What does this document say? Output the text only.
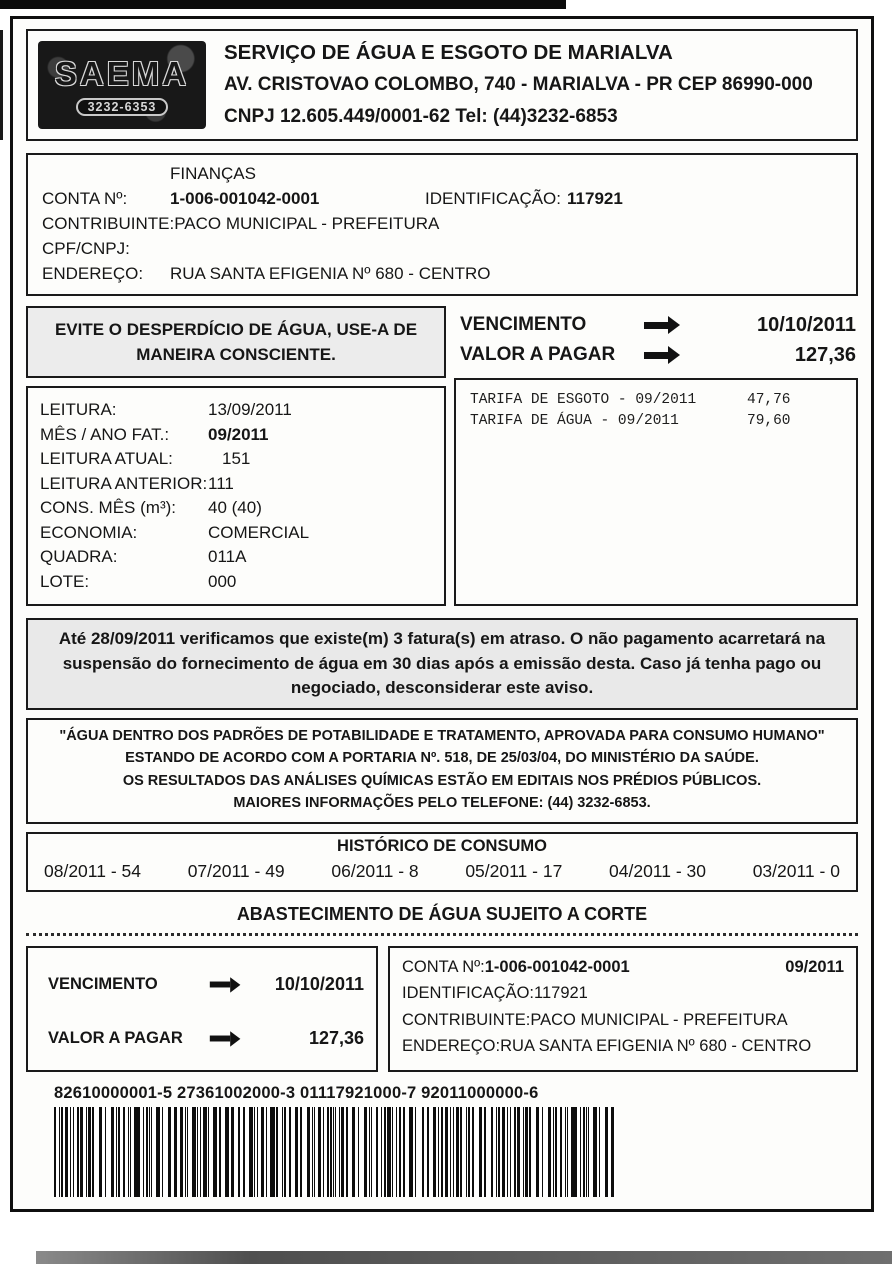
SAEMA
3232-6353
SERVIÇO DE ÁGUA E ESGOTO DE MARIALVA
AV. CRISTOVAO COLOMBO, 740 - MARIALVA - PR CEP 86990-000
CNPJ 12.605.449/0001-62 Tel: (44)3232-6853
FINANÇAS
CONTA Nº:	1-006-001042-0001	IDENTIFICAÇÃO: 117921
CONTRIBUINTE: PACO MUNICIPAL - PREFEITURA
CPF/CNPJ:
ENDEREÇO:	RUA SANTA EFIGENIA Nº 680 - CENTRO
EVITE O DESPERDÍCIO DE ÁGUA, USE-A DE
MANEIRA CONSCIENTE.
LEITURA:	13/09/2011
MÊS / ANO FAT.:	09/2011
LEITURA ATUAL:	151
LEITURA ANTERIOR: 111
CONS. MÊS (m³):	40 (40)
ECONOMIA:	COMERCIAL
QUADRA:	011A
LOTE:	000
VENCIMENTO	10/10/2011
VALOR A PAGAR	127,36
TARIFA DE ESGOTO - 09/2011	47,76
TARIFA DE ÁGUA - 09/2011	79,60
Até 28/09/2011 verificamos que existe(m) 3 fatura(s) em atraso. O não pagamento acarretará na suspensão do fornecimento de água em 30 dias após a emissão desta. Caso já tenha pago ou negociado, desconsiderar este aviso.
"ÁGUA DENTRO DOS PADRÕES DE POTABILIDADE E TRATAMENTO, APROVADA PARA CONSUMO HUMANO"
ESTANDO DE ACORDO COM A PORTARIA Nº. 518, DE 25/03/04, DO MINISTÉRIO DA SAÚDE.
OS RESULTADOS DAS ANÁLISES QUÍMICAS ESTÃO EM EDITAIS NOS PRÉDIOS PÚBLICOS.
MAIORES INFORMAÇÕES PELO TELEFONE: (44) 3232-6853.
HISTÓRICO DE CONSUMO
08/2011 - 54	07/2011 - 49	06/2011 - 8	05/2011 - 17	04/2011 - 30	03/2011 - 0
ABASTECIMENTO DE ÁGUA SUJEITO A CORTE
VENCIMENTO	10/10/2011
VALOR A PAGAR	127,36
CONTA Nº:1-006-001042-0001	09/2011
IDENTIFICAÇÃO:117921
CONTRIBUINTE:PACO MUNICIPAL - PREFEITURA
ENDEREÇO:RUA SANTA EFIGENIA Nº 680 - CENTRO
82610000001-5 27361002000-3 01117921000-7 92011000000-6
